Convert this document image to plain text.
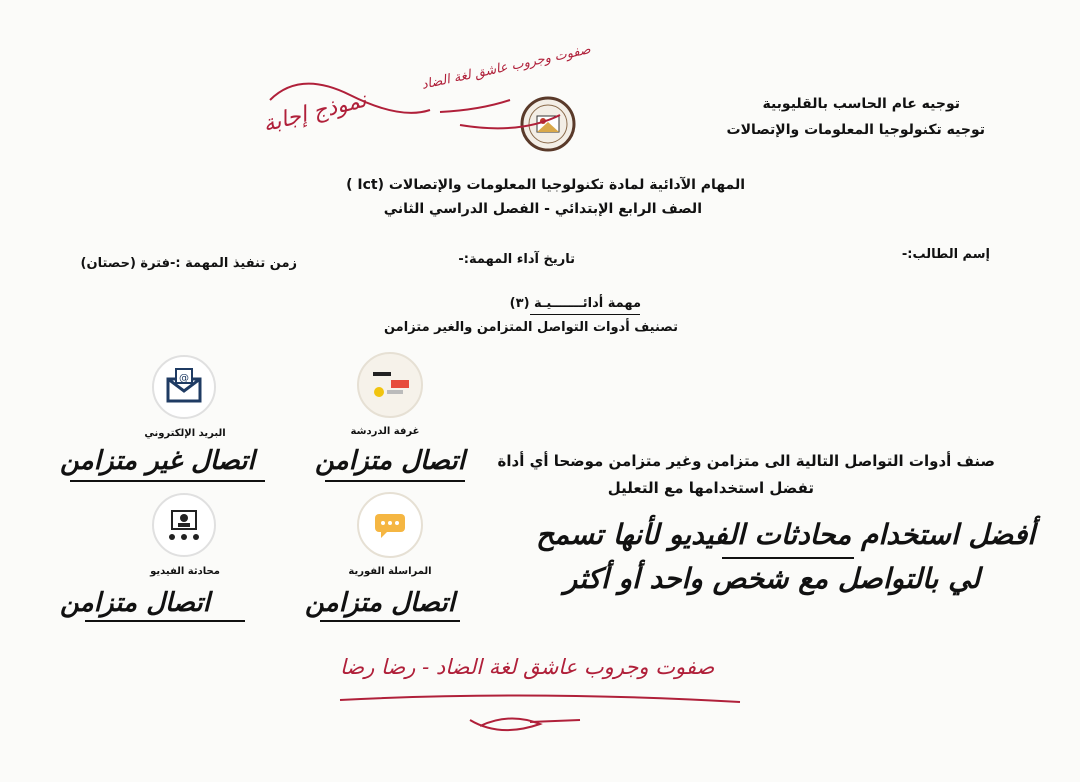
توجيه عام الحاسب بالقليوبية
توجيه تكنولوجيا المعلومات والإتصالات
نموذج إجابة
صفوت وجروب عاشق لغة الضاد
المهام الآدائية لمادة تكنولوجيا المعلومات والإتصالات (Ict )
الصف الرابع الإبتدائي - الفصل الدراسي الثاني
إسم الطالب:-
تاريخ آداء المهمة:-
زمن تنفيذ المهمة :-فترة (حصتان)
مهمة أدائـــــــيـة (٣)
تصنيف أدوات التواصل المتزامن والغير متزامن
@
البريد الإلكتروني	غرفة الدردشة
اتصال غير متزامن اتصال متزامن صنف أدوات التواصل التالية الى متزامن وغير متزامن موضحا أي أداة
تفضل استخدامها مع التعليل
محادثة الفيديو	المراسلة الفورية
اتصال متزامن	اتصال متزامن
أفضل استخدام محادثات الفيديو لأنها تسمح
لي بالتواصل مع شخص واحد أو أكثر
صفوت وجروب عاشق لغة الضاد - رضا رضا
